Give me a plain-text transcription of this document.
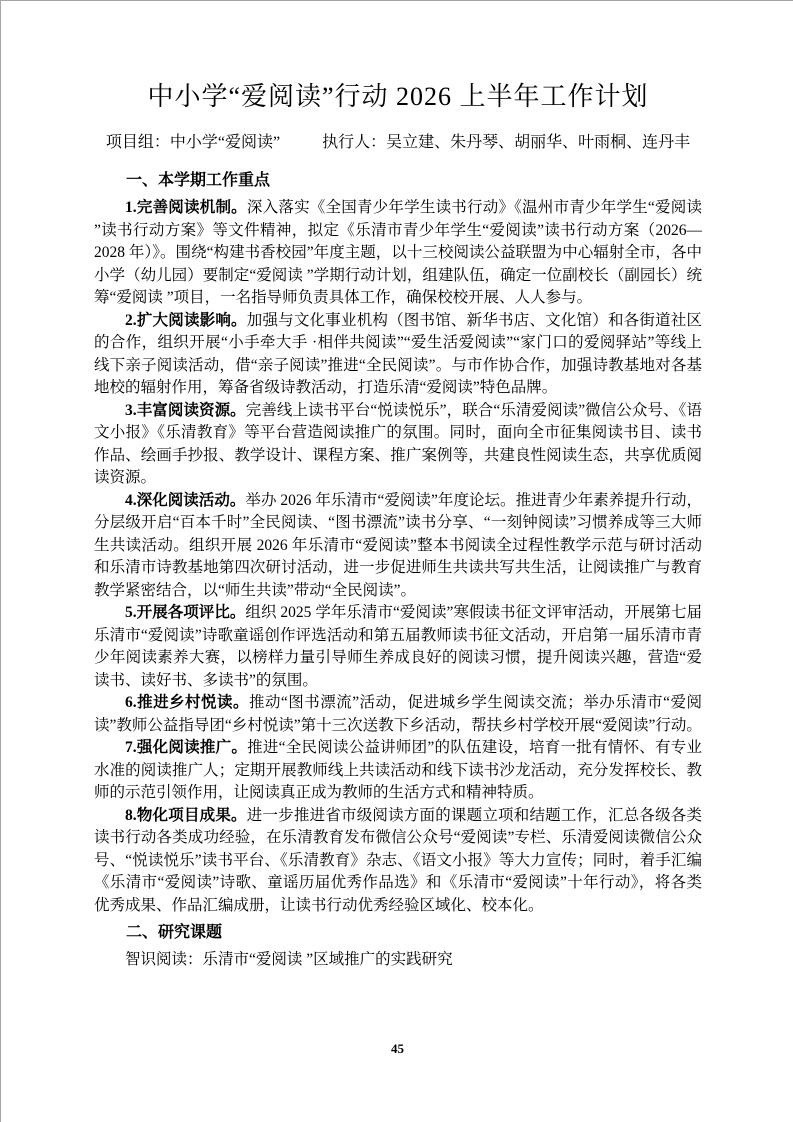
中小学“爱阅读”行动 2026 上半年工作计划
项目组：中小学“爱阅读”	执行人：吴立建、朱丹琴、胡丽华、叶雨桐、连丹丰
一、本学期工作重点

1.完善阅读机制。深入落实《全国青少年学生读书行动》《温州市青少年学生“爱阅读 ”读书行动方案》等文件精神，拟定《乐清市青少年学生“爱阅读”读书行动方案（2026—2028 年）》。围绕“构建书香校园”年度主题，以十三校阅读公益联盟为中心辐射全市，各中小学（幼儿园）要制定“爱阅读 ”学期行动计划，组建队伍，确定一位副校长（副园长）统筹“爱阅读 ”项目，一名指导师负责具体工作，确保校校开展、人人参与。

2.扩大阅读影响。加强与文化事业机构（图书馆、新华书店、文化馆）和各街道社区的合作，组织开展“小手牵大手 ·相伴共阅读”“爱生活爱阅读”“家门口的爱阅驿站”等线上线下亲子阅读活动，借“亲子阅读”推进“全民阅读”。与市作协合作，加强诗教基地对各基地校的辐射作用，筹备省级诗教活动，打造乐清“爱阅读”特色品牌。

3.丰富阅读资源。完善线上读书平台“悦读悦乐”，联合“乐清爱阅读”微信公众号、《语文小报》《乐清教育》等平台营造阅读推广的氛围。同时，面向全市征集阅读书目、读书作品、绘画手抄报、教学设计、课程方案、推广案例等，共建良性阅读生态，共享优质阅读资源。

4.深化阅读活动。举办 2026 年乐清市“爱阅读”年度论坛。推进青少年素养提升行动，分层级开启“百本千时”全民阅读、“图书漂流”读书分享、“一刻钟阅读”习惯养成等三大师生共读活动。组织开展 2026 年乐清市“爱阅读”整本书阅读全过程性教学示范与研讨活动和乐清市诗教基地第四次研讨活动，进一步促进师生共读共写共生活，让阅读推广与教育教学紧密结合，以“师生共读”带动“全民阅读”。

5.开展各项评比。组织 2025 学年乐清市“爱阅读”寒假读书征文评审活动，开展第七届乐清市“爱阅读”诗歌童谣创作评选活动和第五届教师读书征文活动，开启第一届乐清市青少年阅读素养大赛，以榜样力量引导师生养成良好的阅读习惯，提升阅读兴趣，营造“爱读书、读好书、多读书”的氛围。

6.推进乡村悦读。推动“图书漂流”活动，促进城乡学生阅读交流；举办乐清市“爱阅读”教师公益指导团“乡村悦读”第十三次送教下乡活动，帮扶乡村学校开展“爱阅读”行动。

7.强化阅读推广。推进“全民阅读公益讲师团”的队伍建设，培育一批有情怀、有专业水准的阅读推广人；定期开展教师线上共读活动和线下读书沙龙活动，充分发挥校长、教师的示范引领作用，让阅读真正成为教师的生活方式和精神特质。

8.物化项目成果。进一步推进省市级阅读方面的课题立项和结题工作，汇总各级各类读书行动各类成功经验，在乐清教育发布微信公众号“爱阅读”专栏、乐清爱阅读微信公众号、“悦读悦乐”读书平台、《乐清教育》杂志、《语文小报》等大力宣传；同时，着手汇编《乐清市“爱阅读”诗歌、童谣历届优秀作品选》和《乐清市“爱阅读”十年行动》，将各类优秀成果、作品汇编成册，让读书行动优秀经验区域化、校本化。

二、研究课题

智识阅读：乐清市“爱阅读 ”区域推广的实践研究

45
